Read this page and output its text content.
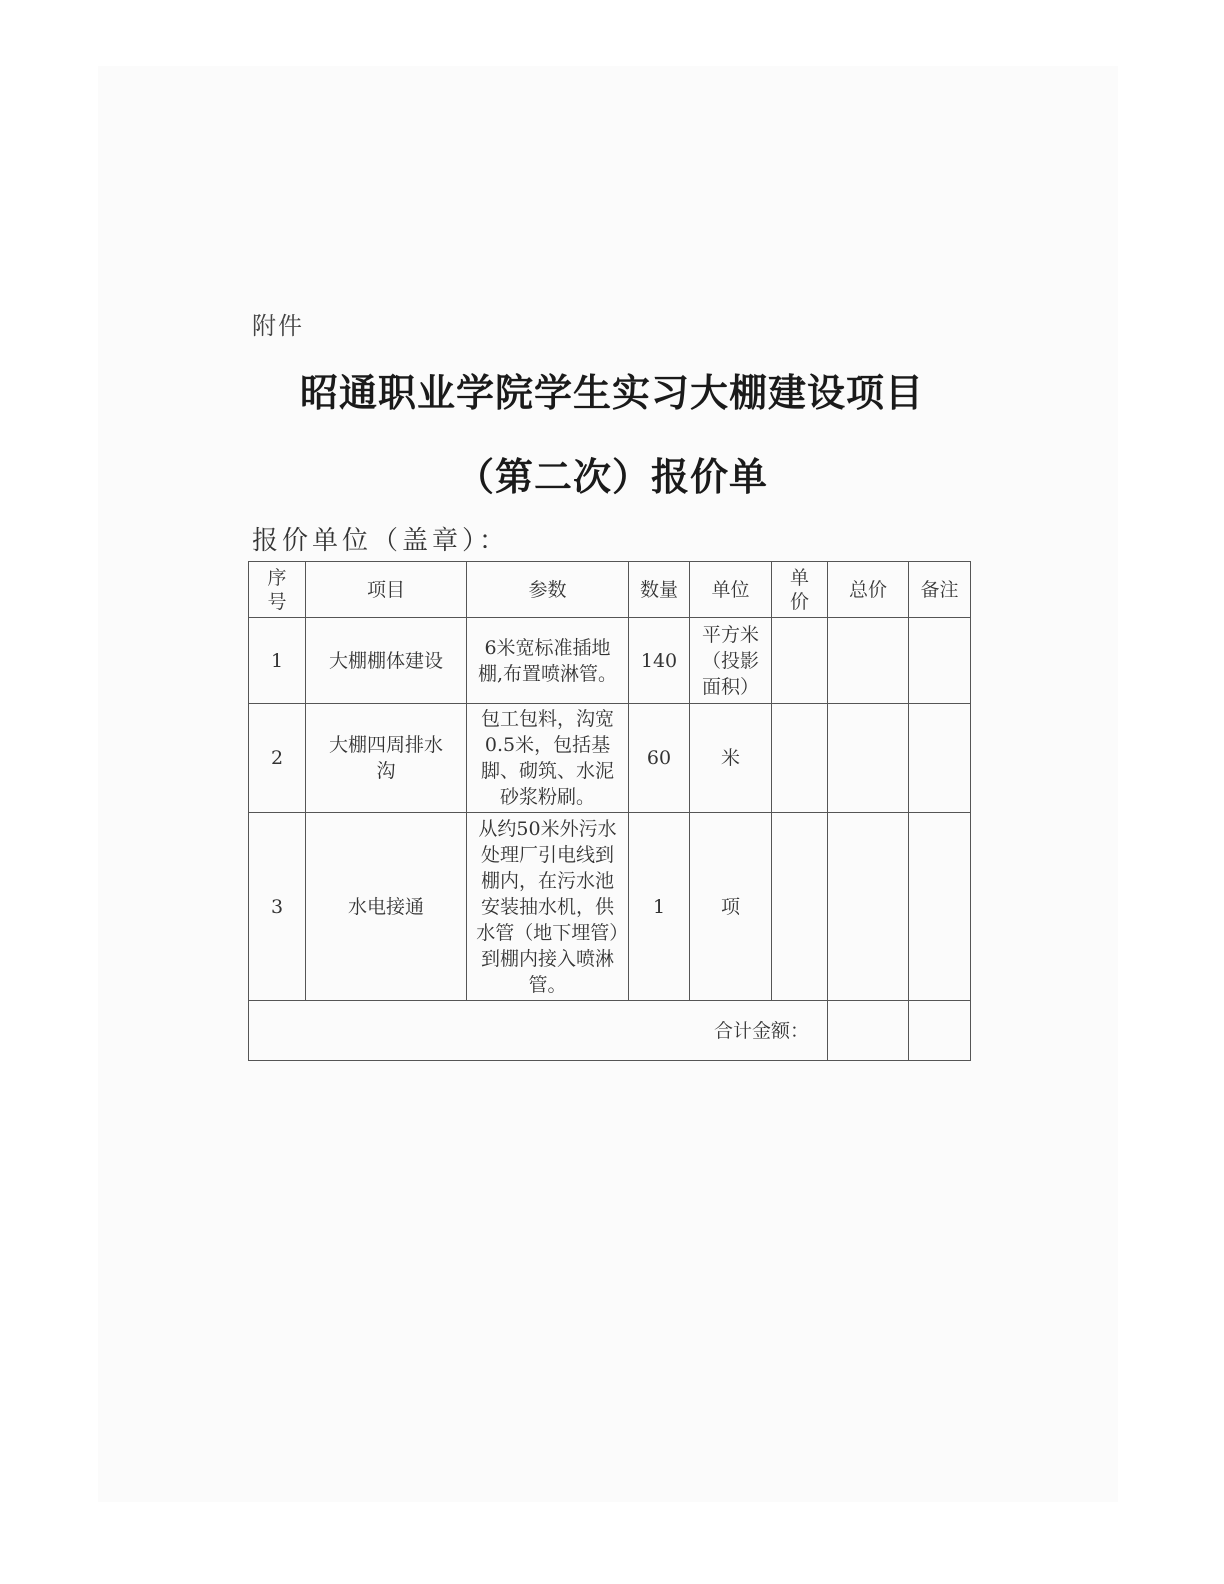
附件
昭通职业学院学生实习大棚建设项目
（第二次）报价单
报价单位（盖章）：
序号	项目	参数	数量	单位	单价	总价	备注
1	大棚棚体建设	6米宽标准插地棚,布置喷淋管。	140	平方米（投影面积）			

2	大棚四周排水沟	包工包料，沟宽0.5米，包括基脚、砌筑、水泥砂浆粉刷。	60	米			
3	水电接通	从约50米外污水处理厂引电线到棚内，在污水池安装抽水机，供水管（地下埋管）到棚内接入喷淋管。	1	项			
合计金额：							
